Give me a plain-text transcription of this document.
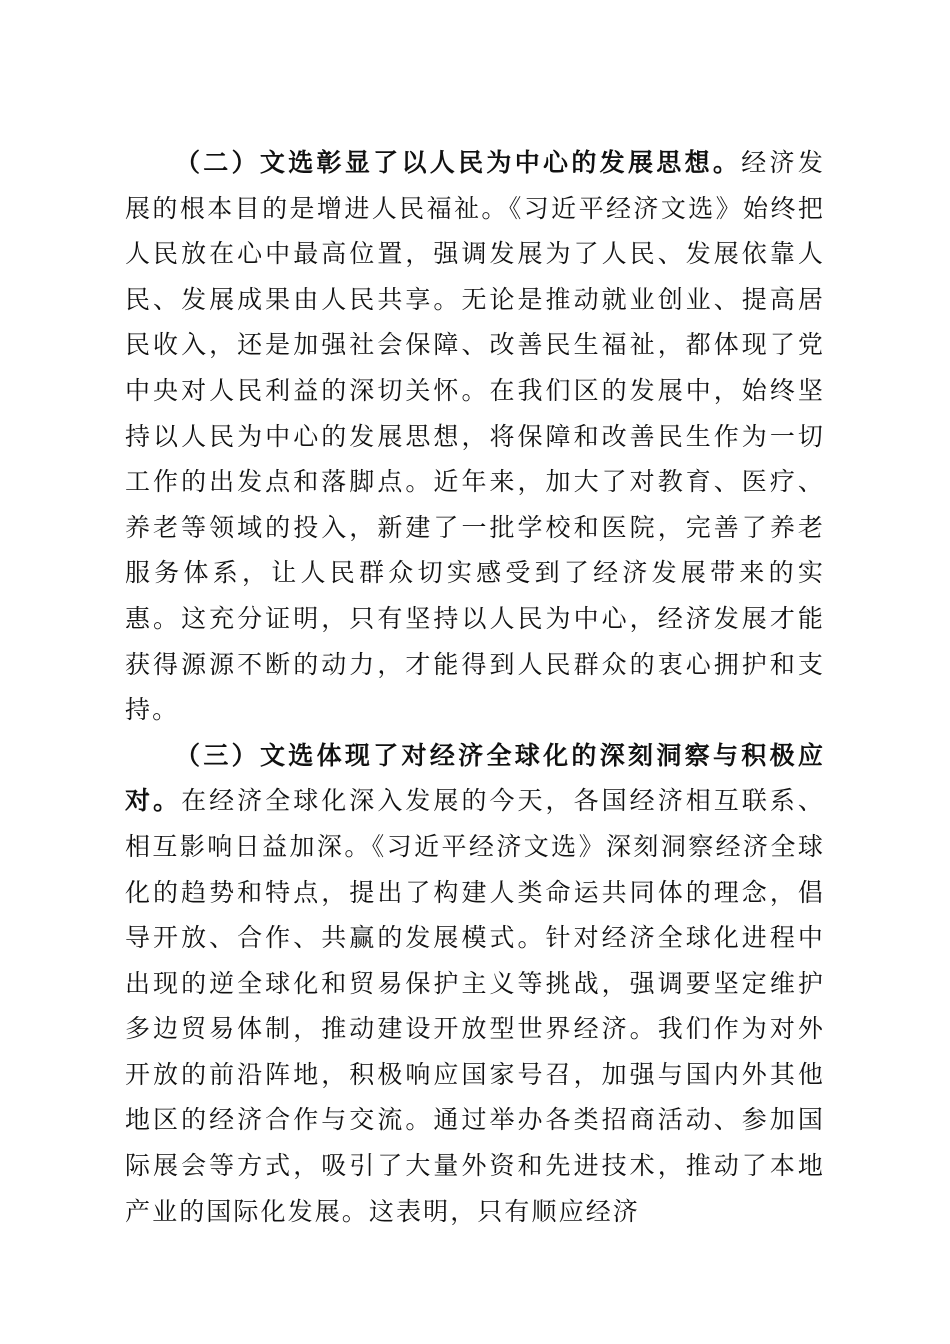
（二）文选彰显了以人民为中心的发展思想。经济发展的根本目的是增进人民福祉。《习近平经济文选》始终把人民放在心中最高位置，强调发展为了人民、发展依靠人民、发展成果由人民共享。无论是推动就业创业、提高居民收入，还是加强社会保障、改善民生福祉，都体现了党中央对人民利益的深切关怀。在我们区的发展中，始终坚持以人民为中心的发展思想，将保障和改善民生作为一切工作的出发点和落脚点。近年来，加大了对教育、医疗、养老等领域的投入，新建了一批学校和医院，完善了养老服务体系，让人民群众切实感受到了经济发展带来的实惠。这充分证明，只有坚持以人民为中心，经济发展才能获得源源不断的动力，才能得到人民群众的衷心拥护和支持。

（三）文选体现了对经济全球化的深刻洞察与积极应对。在经济全球化深入发展的今天，各国经济相互联系、相互影响日益加深。《习近平经济文选》深刻洞察经济全球化的趋势和特点，提出了构建人类命运共同体的理念，倡导开放、合作、共赢的发展模式。针对经济全球化进程中出现的逆全球化和贸易保护主义等挑战，强调要坚定维护多边贸易体制，推动建设开放型世界经济。我们作为对外开放的前沿阵地，积极响应国家号召，加强与国内外其他地区的经济合作与交流。通过举办各类招商活动、参加国际展会等方式，吸引了大量外资和先进技术，推动了本地产业的国际化发展。这表明，只有顺应经济
